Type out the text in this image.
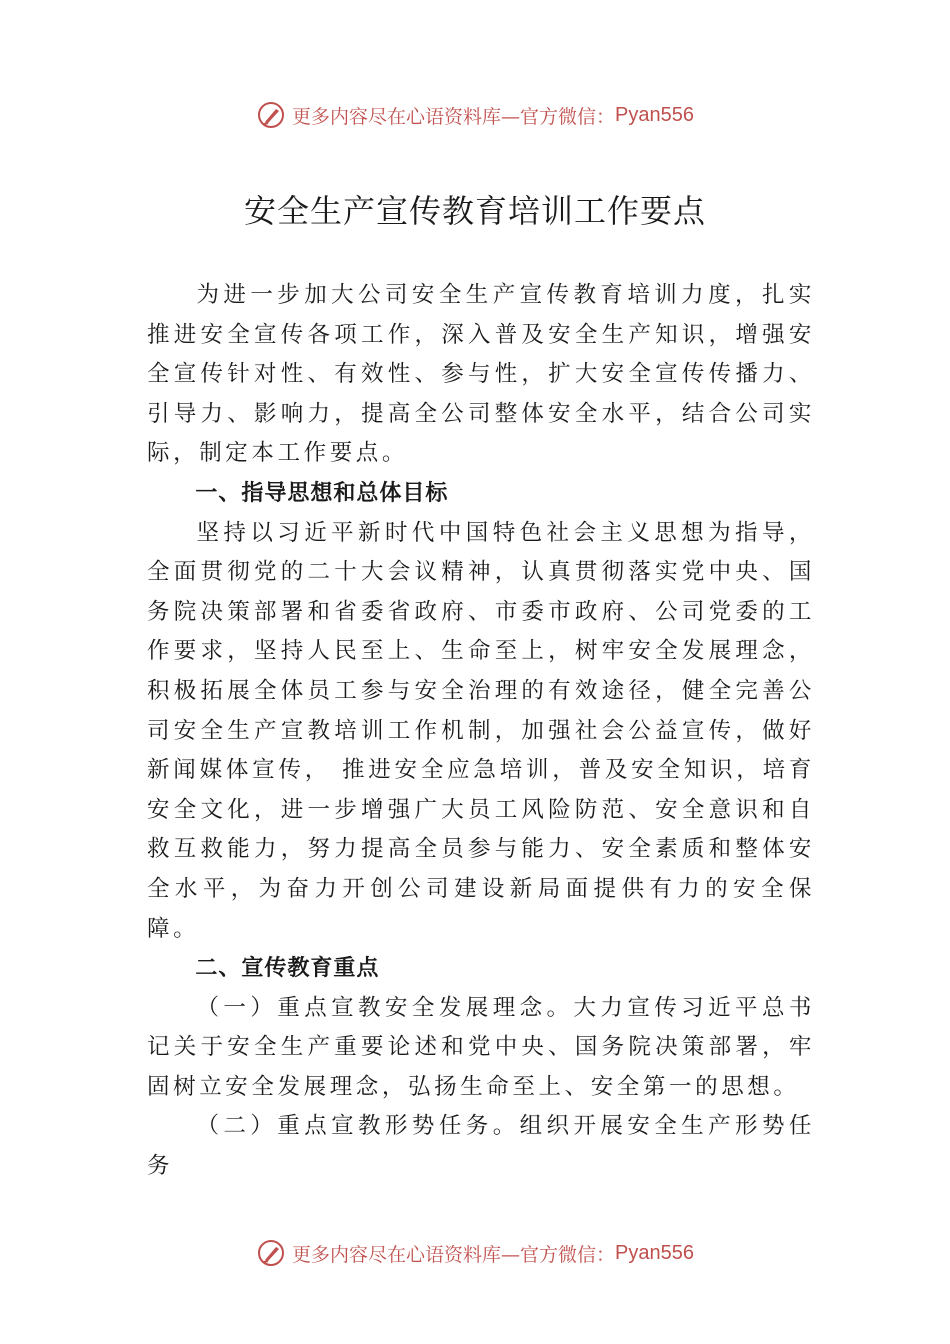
更多内容尽在心语资料库—官方微信： Pyan556
安全生产宣传教育培训工作要点

为进一步加大公司安全生产宣传教育培训力度，扎实推进安全宣传各项工作，深入普及安全生产知识，增强安全宣传针对性、有效性、参与性，扩大安全宣传传播力、引导力、影响力，提高全公司整体安全水平，结合公司实际，制定本工作要点。

一、指导思想和总体目标

坚持以习近平新时代中国特色社会主义思想为指导，全面贯彻党的二十大会议精神，认真贯彻落实党中央、国务院决策部署和省委省政府、市委市政府、公司党委的工作要求，坚持人民至上、生命至上，树牢安全发展理念，积极拓展全体员工参与安全治理的有效途径，健全完善公司安全生产宣教培训工作机制，加强社会公益宣传，做好新闻媒体宣传， 推进安全应急培训，普及安全知识，培育安全文化，进一步增强广大员工风险防范、安全意识和自救互救能力，努力提高全员参与能力、安全素质和整体安全水平，为奋力开创公司建设新局面提供有力的安全保障。

二、宣传教育重点

（一）重点宣教安全发展理念。大力宣传习近平总书记关于安全生产重要论述和党中央、国务院决策部署，牢固树立安全发展理念，弘扬生命至上、安全第一的思想。

（二）重点宣教形势任务。组织开展安全生产形势任务

更多内容尽在心语资料库—官方微信： Pyan556
